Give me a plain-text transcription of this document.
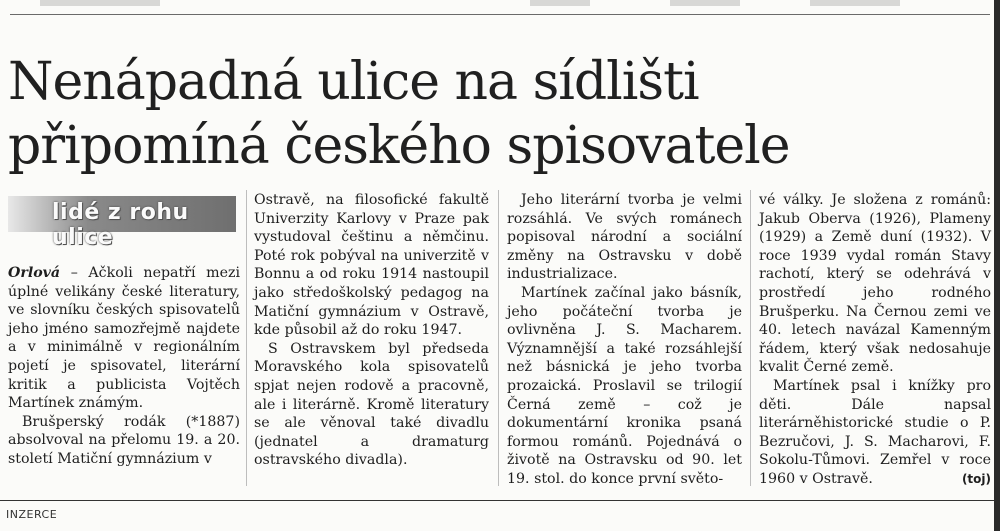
Nenápadná ulice na sídlišti
připomíná českého spisovatele
lidé z rohu ulice

Orlová – Ačkoli nepatří mezi úplné velikány české literatury, ve slovníku českých spisovatelů jeho jméno samozřejmě najdete a v minimálně v regionálním pojetí je spisovatel, literární kritik a publicista Vojtěch Martínek známým.

Brušperský rodák (*1887) absolvoval na přelomu 19. a 20. století Matiční gymnázium v

Ostravě, na filosofické fakultě Univerzity Karlovy v Praze pak vystudoval češtinu a němčinu. Poté rok pobýval na univerzitě v Bonnu a od roku 1914 nastoupil jako středoškolský pedagog na Matiční gymnázium v Ostravě, kde působil až do roku 1947.

S Ostravskem byl předseda Moravského kola spisovatelů spjat nejen rodově a pracovně, ale i literárně. Kromě literatury se ale věnoval také divadlu (jednatel a dramaturg ostravského divadla).

Jeho literární tvorba je velmi rozsáhlá. Ve svých románech popisoval národní a sociální změny na Ostravsku v době industrializace.

Martínek začínal jako básník, jeho počáteční tvorba je ovlivněna J. S. Macharem. Významnější a také rozsáhlejší než básnická je jeho tvorba prozaická. Proslavil se trilogií Černá země – což je dokumentární kronika psaná formou románů. Pojednává o životě na Ostravsku od 90. let 19. stol. do konce první světo-

vé války. Je složena z románů: Jakub Oberva (1926), Plameny (1929) a Země duní (1932). V roce 1939 vydal román Stavy rachotí, který se odehrává v prostředí jeho rodného Brušperku. Na Černou zemi ve 40. letech navázal Kamenným řádem, který však nedosahuje kvalit Černé země.

Martínek psal i knížky pro děti. Dále napsal literárněhistorické studie o P. Bezručovi, J. S. Macharovi, F. Sokolu-Tůmovi. Zemřel v roce 1960 v Ostravě.	(toj)

INZERCE
